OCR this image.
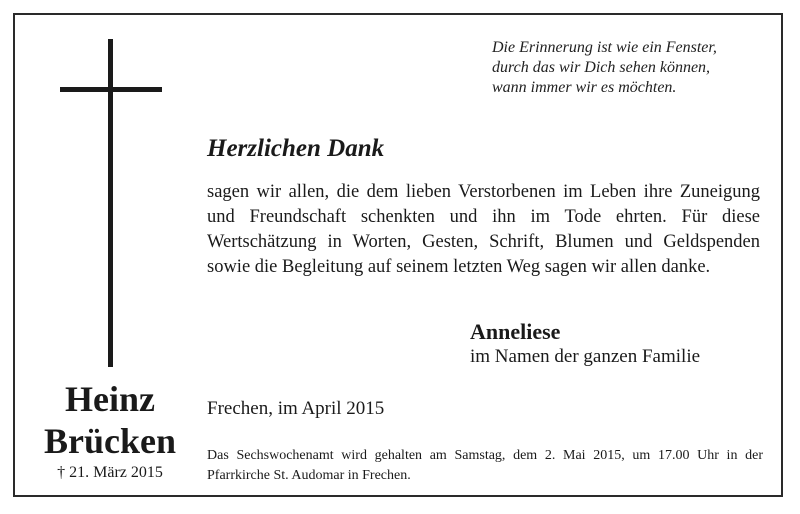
Die Erinnerung ist wie ein Fenster,
durch das wir Dich sehen können,
wann immer wir es möchten.
Herzlichen Dank
sagen wir allen, die dem lieben Verstorbenen im Leben ihre Zuneigung und Freundschaft schenkten und ihn im Tode ehrten. Für diese Wertschätzung in Worten, Gesten, Schrift, Blumen und Geldspenden sowie die Begleitung auf seinem letzten Weg sagen wir allen danke.
Anneliese
im Namen der ganzen Familie
Heinz
Brücken
† 21. März 2015
Frechen, im April 2015
Das Sechswochenamt wird gehalten am Samstag, dem 2. Mai 2015, um 17.00 Uhr in der Pfarrkirche St. Audomar in Frechen.
